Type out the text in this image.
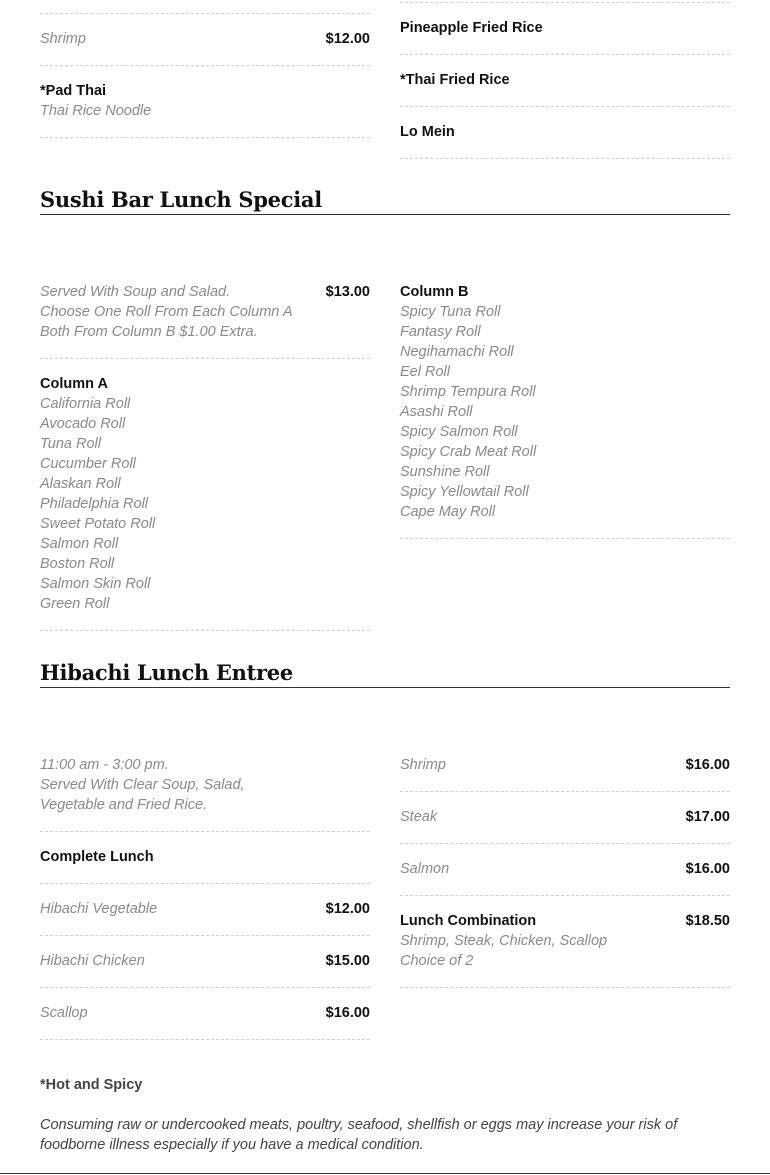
$12.00
Shrimp
*Pad Thai
Thai Rice Noodle
Pineapple Fried Rice
*Thai Fried Rice
Lo Mein
Sushi Bar Lunch Special
$13.00
Served With Soup and Salad.
Choose One Roll From Each Column A
Both From Column B $1.00 Extra.
Column A
California Roll
Avocado Roll
Tuna Roll
Cucumber Roll
Alaskan Roll
Philadelphia Roll
Sweet Potato Roll
Salmon Roll
Boston Roll
Salmon Skin Roll
Green Roll
Column B
Spicy Tuna Roll
Fantasy Roll
Negihamachi Roll
Eel Roll
Shrimp Tempura Roll
Asashi Roll
Spicy Salmon Roll
Spicy Crab Meat Roll
Sunshine Roll
Spicy Yellowtail Roll
Cape May Roll
Hibachi Lunch Entree
11:00 am - 3:00 pm.
Served With Clear Soup, Salad,
Vegetable and Fried Rice.
Complete Lunch
$12.00
Hibachi Vegetable
$15.00
Hibachi Chicken
$16.00
Scallop
$16.00
Shrimp
$17.00
Steak
$16.00
Salmon
$18.50
Lunch Combination
Shrimp, Steak, Chicken, Scallop
Choice of 2
*Hot and Spicy
Consuming raw or undercooked meats, poultry, seafood, shellfish or eggs may increase your risk of foodborne illness especially if you have a medical condition.
